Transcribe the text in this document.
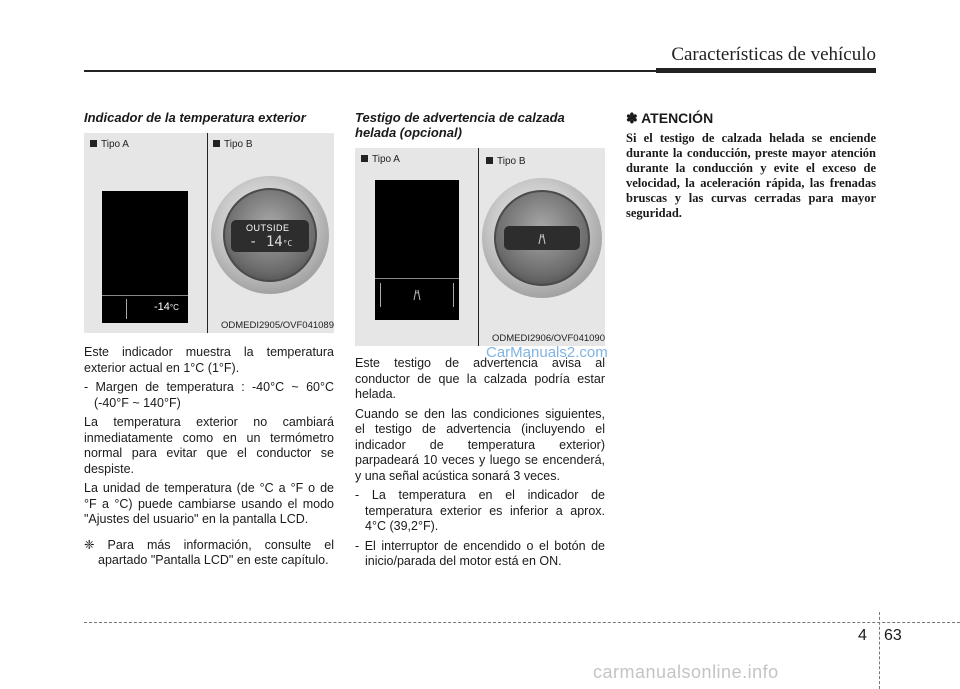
Características de vehículo
Indicador de la temperatura exterior
Tipo A	Tipo B
-14°C
OUTSIDE
- 14°C
ODMEDI2905/OVF041089

Este indicador muestra la temperatura exterior actual en 1°C (1°F).

- Margen de temperatura : -40°C ~ 60°C (-40°F ~ 140°F)

La temperatura exterior no cambiará inmediatamente como en un termómetro normal para evitar que el conductor se despiste.

La unidad de temperatura (de °C a °F o de °F a °C) puede cambiarse usando el modo "Ajustes del usuario" en la pantalla LCD.

❈ Para más información, consulte el apartado "Pantalla LCD" en este capítulo.
Testigo de advertencia de calzada helada (opcional)
Tipo A	Tipo B
*
*
ODMEDI2906/OVF041090

Este testigo de advertencia avisa al conductor de que la calzada podría estar helada.

Cuando se den las condiciones siguientes, el testigo de advertencia (incluyendo el indicador de temperatura exterior) parpadeará 10 veces y luego se encenderá, y una señal acústica sonará 3 veces.

- La temperatura en el indicador de temperatura exterior es inferior a aprox. 4°C (39,2°F).

- El interruptor de encendido o el botón de inicio/parada del motor está en ON.

✽ ATENCIÓN

Si el testigo de calzada helada se enciende durante la conducción, preste mayor atención durante la conducción y evite el exceso de velocidad, la aceleración rápida, las frenadas bruscas y las curvas cerradas para mayor seguridad.

CarManuals2.com
4 63
carmanualsonline.info
